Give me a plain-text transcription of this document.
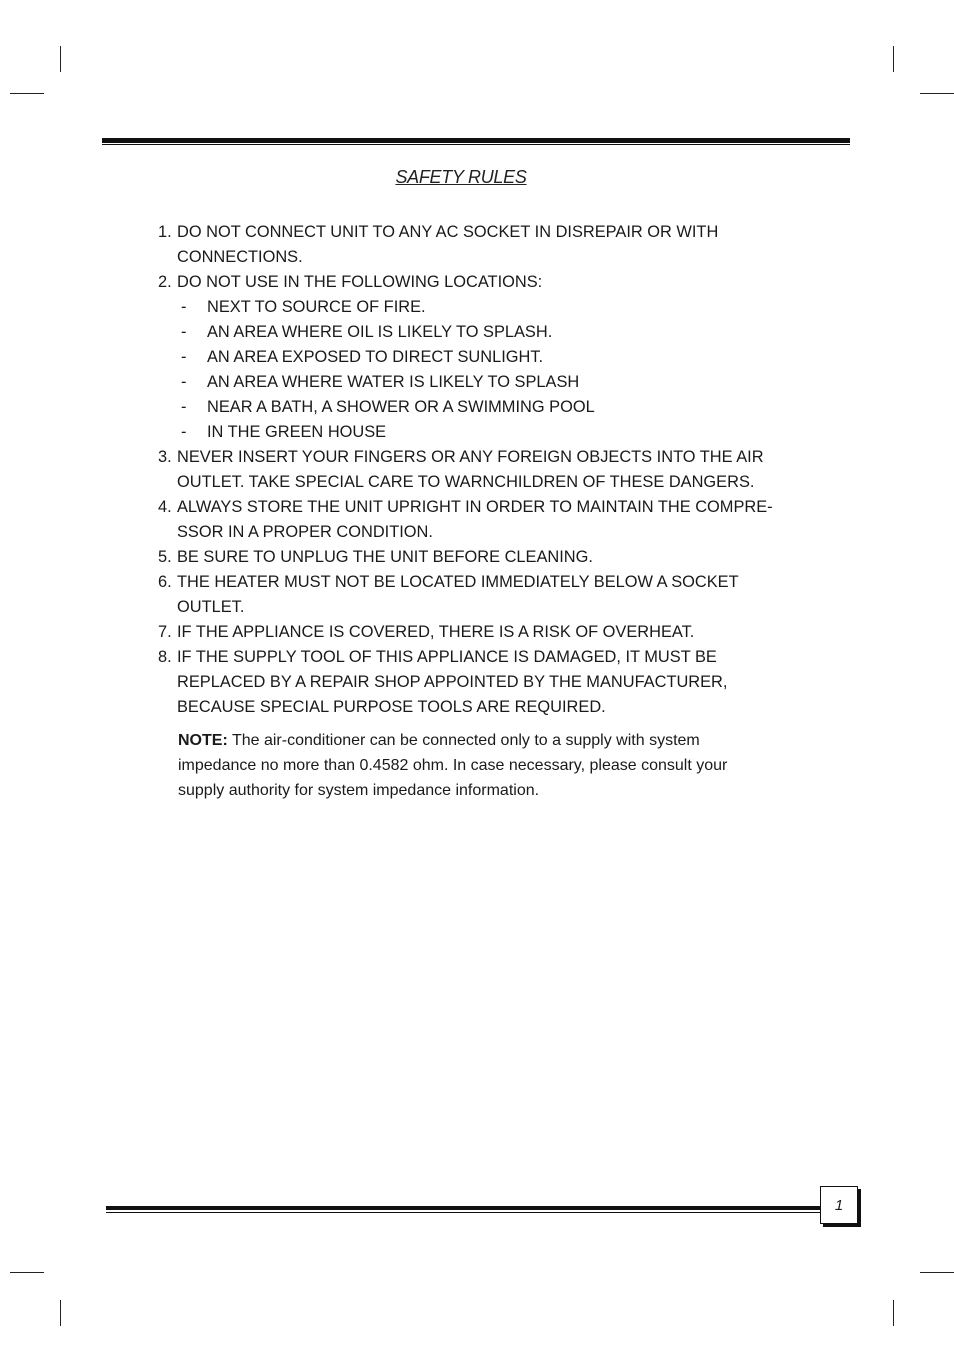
SAFETY RULES
1. DO NOT CONNECT UNIT TO ANY AC SOCKET IN DISREPAIR OR WITH
CONNECTIONS.
2. DO NOT USE IN THE FOLLOWING LOCATIONS:
-	NEXT TO SOURCE OF FIRE.
-	AN AREA WHERE OIL IS LIKELY TO SPLASH.
-	AN AREA EXPOSED TO DIRECT SUNLIGHT.
-	AN AREA WHERE WATER IS LIKELY TO SPLASH
-	NEAR A BATH, A SHOWER OR A SWIMMING POOL
-	IN THE GREEN HOUSE
3. NEVER INSERT YOUR FINGERS OR ANY FOREIGN OBJECTS INTO THE AIR
OUTLET. TAKE SPECIAL CARE TO WARNCHILDREN OF THESE DANGERS.
4. ALWAYS STORE THE UNIT UPRIGHT IN ORDER TO MAINTAIN THE COMPRE-
SSOR IN A PROPER CONDITION.
5. BE SURE TO UNPLUG THE UNIT BEFORE CLEANING.
6. THE HEATER MUST NOT BE LOCATED IMMEDIATELY BELOW A SOCKET
OUTLET.
7. IF THE APPLIANCE IS COVERED, THERE IS A RISK OF OVERHEAT.
8. IF THE SUPPLY TOOL OF THIS APPLIANCE IS DAMAGED, IT MUST BE
REPLACED BY A REPAIR SHOP APPOINTED BY THE MANUFACTURER,
BECAUSE SPECIAL PURPOSE TOOLS ARE REQUIRED.
NOTE: The air-conditioner can be connected only to a supply with system
impedance no more than 0.4582 ohm. In case necessary, please consult your
supply authority for system impedance information.
1
